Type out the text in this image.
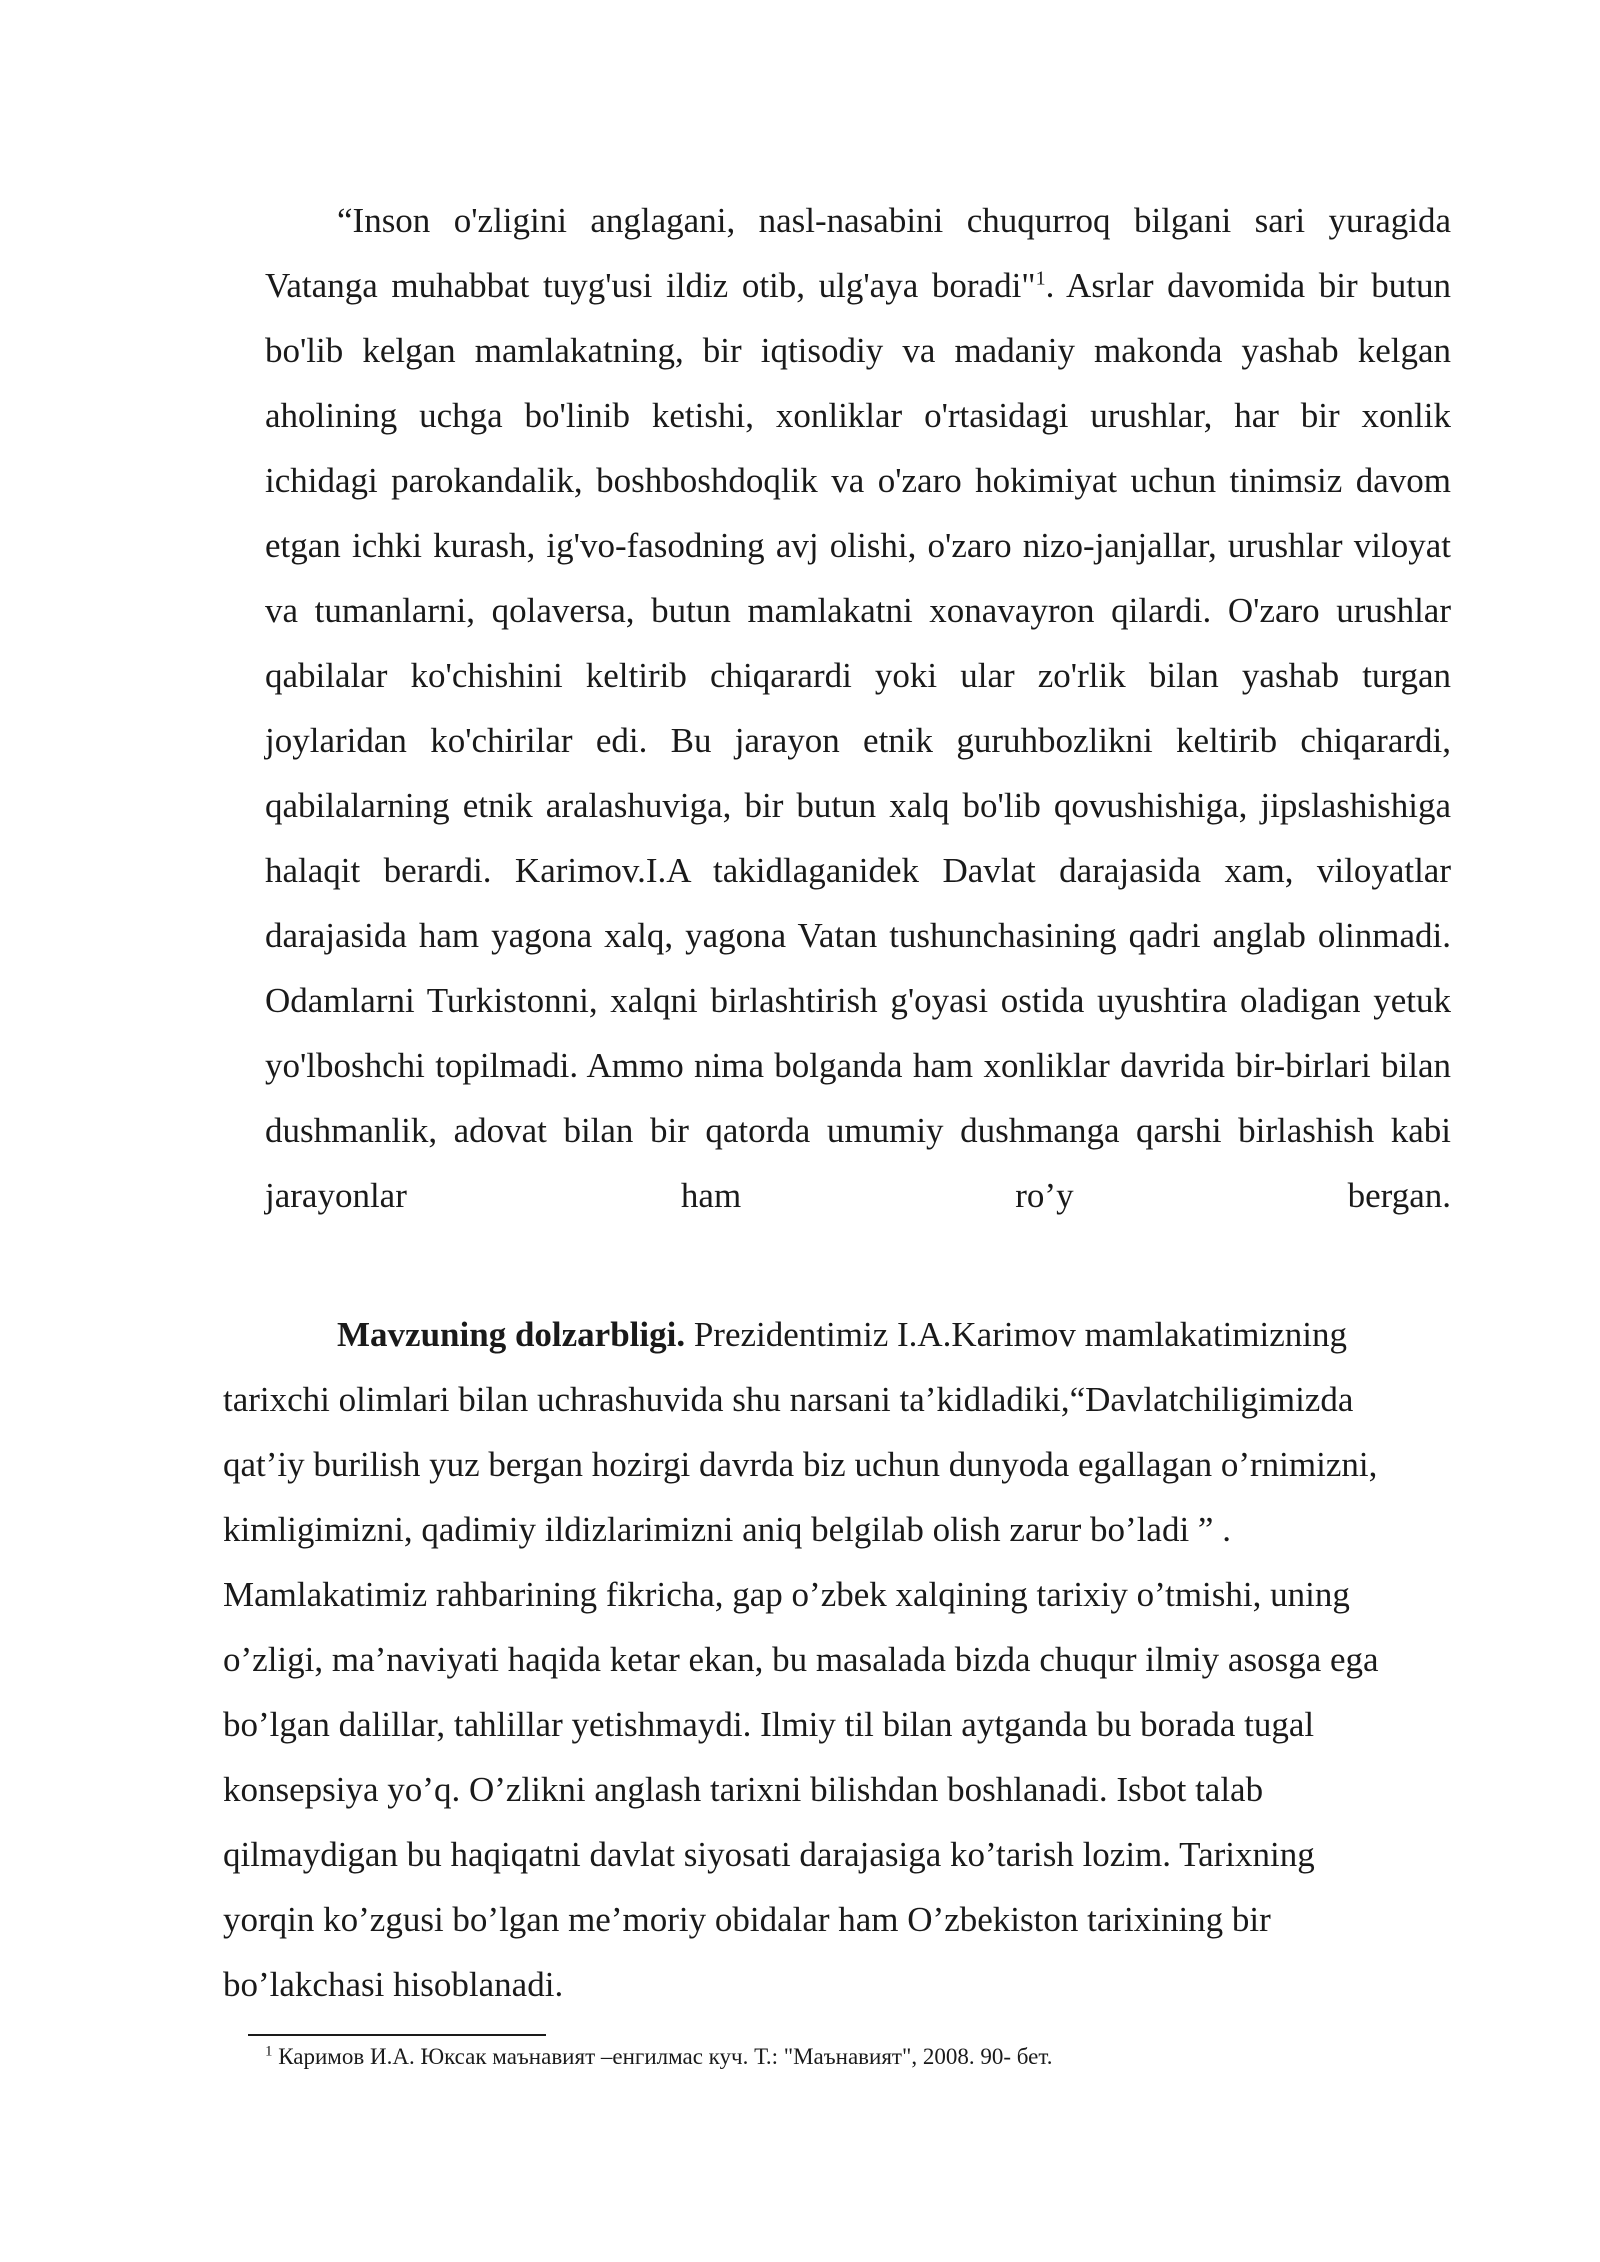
“Inson o'zligini anglagani, nasl-nasabini chuqurroq bilgani sari yuragida Vatanga muhabbat tuyg'usi ildiz otib, ulg'aya boradi"$^1$. Asrlar davomida bir butun bo'lib kelgan mamlakatning, bir iqtisodiy va madaniy makonda yashab kelgan aholining uchga bo'linib ketishi, xonliklar o'rtasidagi urushlar, har bir xonlik ichidagi parokandalik, boshboshdoqlik va o'zaro hokimiyat uchun tinimsiz davom etgan ichki kurash, ig'vo-fasodning avj olishi, o'zaro nizo-janjallar, urushlar viloyat va tumanlarni, qolaversa, butun mamlakatni xonavayron qilardi. O'zaro urushlar qabilalar ko'chishini keltirib chiqarardi yoki ular zo'rlik bilan yashab turgan joylaridan ko'chirilar edi. Bu jarayon etnik guruhbozlikni keltirib chiqarardi, qabilalarning etnik aralashuviga, bir butun xalq bo'lib qovushishiga, jipslashishiga halaqit berardi. Karimov.I.A takidlaganidek Davlat darajasida xam, viloyatlar darajasida ham yagona xalq, yagona Vatan tushunchasining qadri anglab olinmadi. Odamlarni Turkistonni, xalqni birlashtirish g'oyasi ostida uyushtira oladigan yetuk yo'lboshchi topilmadi. Ammo nima bolganda ham xonliklar davrida bir-birlari bilan dushmanlik, adovat bilan bir qatorda umumiy dushmanga qarshi birlashish kabi jarayonlar ham ro’y bergan.

Mavzuning dolzarbligi. Prezidentimiz I.A.Karimov mamlakatimizning
tarixchi olimlari bilan uchrashuvida shu narsani ta’kidladiki,“Davlatchiligimizda
qat’iy burilish yuz bergan hozirgi davrda biz uchun dunyoda egallagan o’rnimizni,
kimligimizni, qadimiy ildizlarimizni aniq belgilab olish zarur bo’ladi ” .
Mamlakatimiz rahbarining fikricha, gap o’zbek xalqining tarixiy o’tmishi, uning
o’zligi, ma’naviyati haqida ketar ekan, bu masalada bizda chuqur ilmiy asosga ega
bo’lgan dalillar, tahlillar yetishmaydi. Ilmiy til bilan aytganda bu borada tugal
konsepsiya yo’q. O’zlikni anglash tarixni bilishdan boshlanadi. Isbot talab
qilmaydigan bu haqiqatni davlat siyosati darajasiga ko’tarish lozim. Tarixning
yorqin ko’zgusi bo’lgan me’moriy obidalar ham O’zbekiston tarixining bir
bo’lakchasi hisoblanadi.

$^1$ Каримов И.А. Юксак маънавият –енгилмас куч. Т.: "Маънавият", 2008. 90- бет.
